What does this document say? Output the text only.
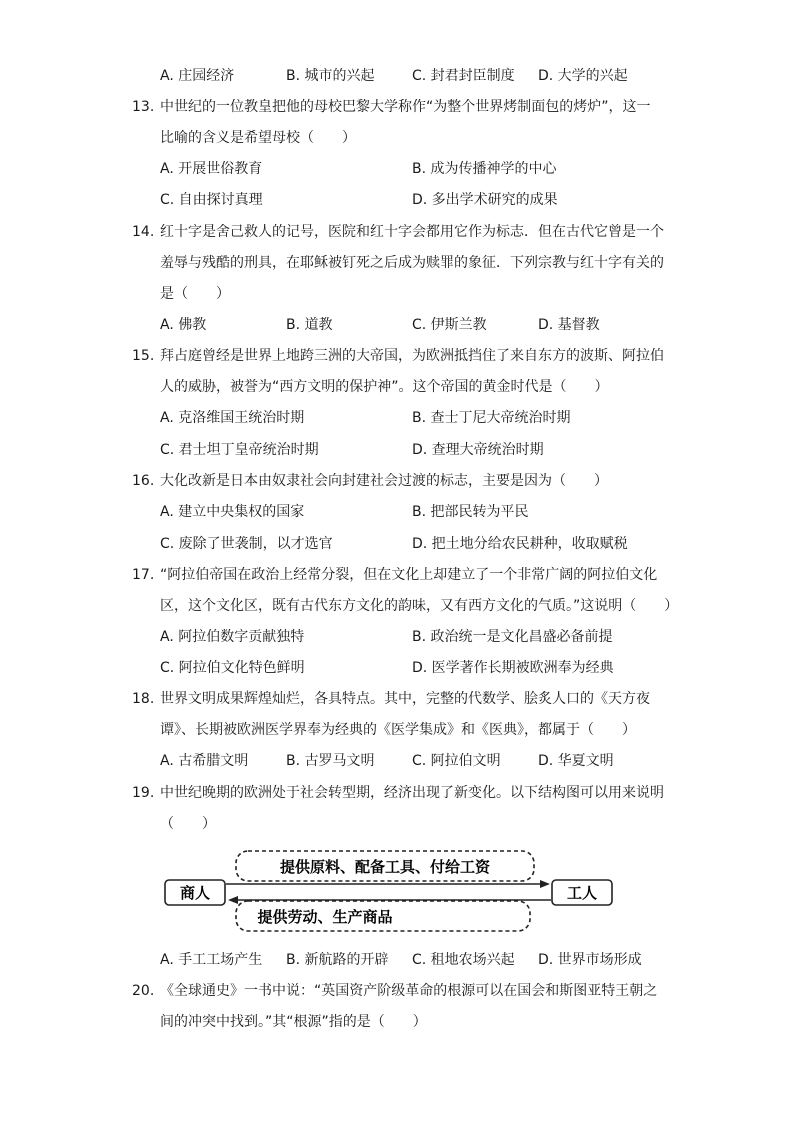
A. 庄园经济	B. 城市的兴起	C. 封君封臣制度 D. 大学的兴起
13. 中世纪的一位教皇把他的母校巴黎大学称作“为整个世界烤制面包的烤炉”，这一
比喻的含义是希望母校（　　）
A. 开展世俗教育	B. 成为传播神学的中心
C. 自由探讨真理	D. 多出学术研究的成果
14. 红十字是舍己救人的记号，医院和红十字会都用它作为标志．但在古代它曾是一个
羞辱与残酷的刑具，在耶稣被钉死之后成为赎罪的象征．下列宗教与红十字有关的
是（　　）
A. 佛教	B. 道教	C. 伊斯兰教	D. 基督教
15. 拜占庭曾经是世界上地跨三洲的大帝国，为欧洲抵挡住了来自东方的波斯、阿拉伯
人的威胁，被誉为“西方文明的保护神”。这个帝国的黄金时代是（　　）
A. 克洛维国王统治时期	B. 查士丁尼大帝统治时期
C. 君士坦丁皇帝统治时期	D. 查理大帝统治时期
16. 大化改新是日本由奴隶社会向封建社会过渡的标志，主要是因为（　　）
A. 建立中央集权的国家	B. 把部民转为平民
C. 废除了世袭制，以才选官	D. 把土地分给农民耕种，收取赋税
17. “阿拉伯帝国在政治上经常分裂，但在文化上却建立了一个非常广阔的阿拉伯文化
区，这个文化区，既有古代东方文化的韵味，又有西方文化的气质。”这说明（　　）
A. 阿拉伯数字贡献独特	B. 政治统一是文化昌盛必备前提
C. 阿拉伯文化特色鲜明	D. 医学著作长期被欧洲奉为经典
18. 世界文明成果辉煌灿烂，各具特点。其中，完整的代数学、脍炙人口的《天方夜
谭》、长期被欧洲医学界奉为经典的《医学集成》和《医典》，都属于（　　）
A. 古希腊文明	B. 古罗马文明	C. 阿拉伯文明	D. 华夏文明
19. 中世纪晚期的欧洲处于社会转型期，经济出现了新变化。以下结构图可以用来说明
（　　）
商人	工人
提供原料、配备工具、付给工资
提供劳动、生产商品
A. 手工工场产生 B. 新航路的开辟 C. 租地农场兴起 D. 世界市场形成
20. 《全球通史》一书中说：“英国资产阶级革命的根源可以在国会和斯图亚特王朝之
间的冲突中找到。”其“根源”指的是（　　）
